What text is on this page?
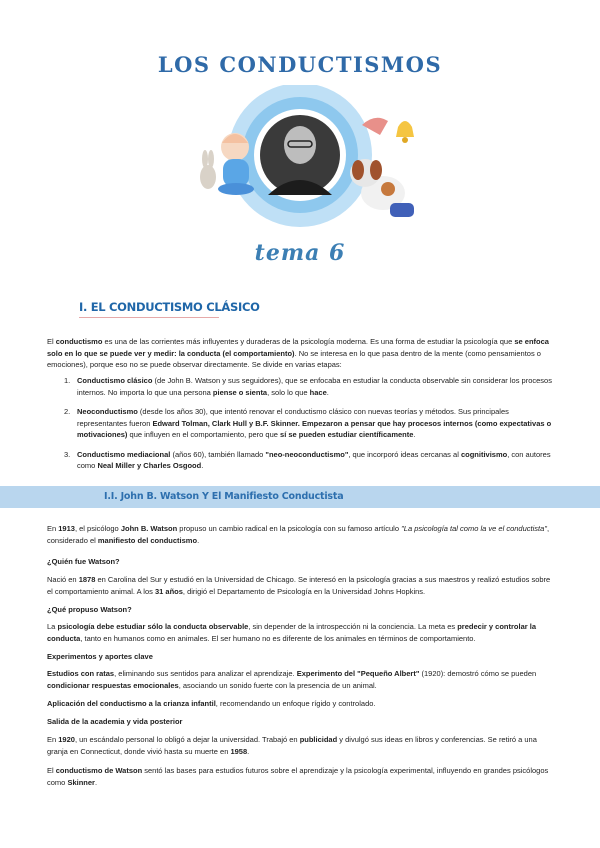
LOS CONDUCTISMOS
tema 6
I. EL CONDUCTISMO CLÁSICO

El conductismo es una de las corrientes más influyentes y duraderas de la psicología moderna. Es una forma de estudiar la psicología que se enfoca solo en lo que se puede ver y medir: la conducta (el comportamiento). No se interesa en lo que pasa dentro de la mente (como pensamientos o emociones), porque eso no se puede observar directamente. Se divide en varias etapas:

1. Conductismo clásico (de John B. Watson y sus seguidores), que se enfocaba en estudiar la conducta observable sin considerar los procesos internos. No importa lo que una persona piense o sienta, solo lo que hace.
2. Neoconductismo (desde los años 30), que intentó renovar el conductismo clásico con nuevas teorías y métodos. Sus principales representantes fueron Edward Tolman, Clark Hull y B.F. Skinner. Empezaron a pensar que hay procesos internos (como expectativas o motivaciones) que influyen en el comportamiento, pero que sí se pueden estudiar científicamente.
3. Conductismo mediacional (años 60), también llamado "neo-neoconductismo", que incorporó ideas cercanas al cognitivismo, con autores como Neal Miller y Charles Osgood.
I.I. John B. Watson Y El Manifiesto Conductista

En 1913, el psicólogo John B. Watson propuso un cambio radical en la psicología con su famoso artículo "La psicología tal como la ve el conductista", considerado el manifiesto del conductismo.

¿Quién fue Watson?

Nació en 1878 en Carolina del Sur y estudió en la Universidad de Chicago. Se interesó en la psicología gracias a sus maestros y realizó estudios sobre el comportamiento animal. A los 31 años, dirigió el Departamento de Psicología en la Universidad Johns Hopkins.

¿Qué propuso Watson?

La psicología debe estudiar sólo la conducta observable, sin depender de la introspección ni la conciencia. La meta es predecir y controlar la conducta, tanto en humanos como en animales. El ser humano no es diferente de los animales en términos de comportamiento.

Experimentos y aportes clave

Estudios con ratas, eliminando sus sentidos para analizar el aprendizaje. Experimento del "Pequeño Albert" (1920): demostró cómo se pueden condicionar respuestas emocionales, asociando un sonido fuerte con la presencia de un animal.

Aplicación del conductismo a la crianza infantil, recomendando un enfoque rígido y controlado.

Salida de la academia y vida posterior

En 1920, un escándalo personal lo obligó a dejar la universidad. Trabajó en publicidad y divulgó sus ideas en libros y conferencias. Se retiró a una granja en Connecticut, donde vivió hasta su muerte en 1958.

El conductismo de Watson sentó las bases para estudios futuros sobre el aprendizaje y la psicología experimental, influyendo en grandes psicólogos como Skinner.
